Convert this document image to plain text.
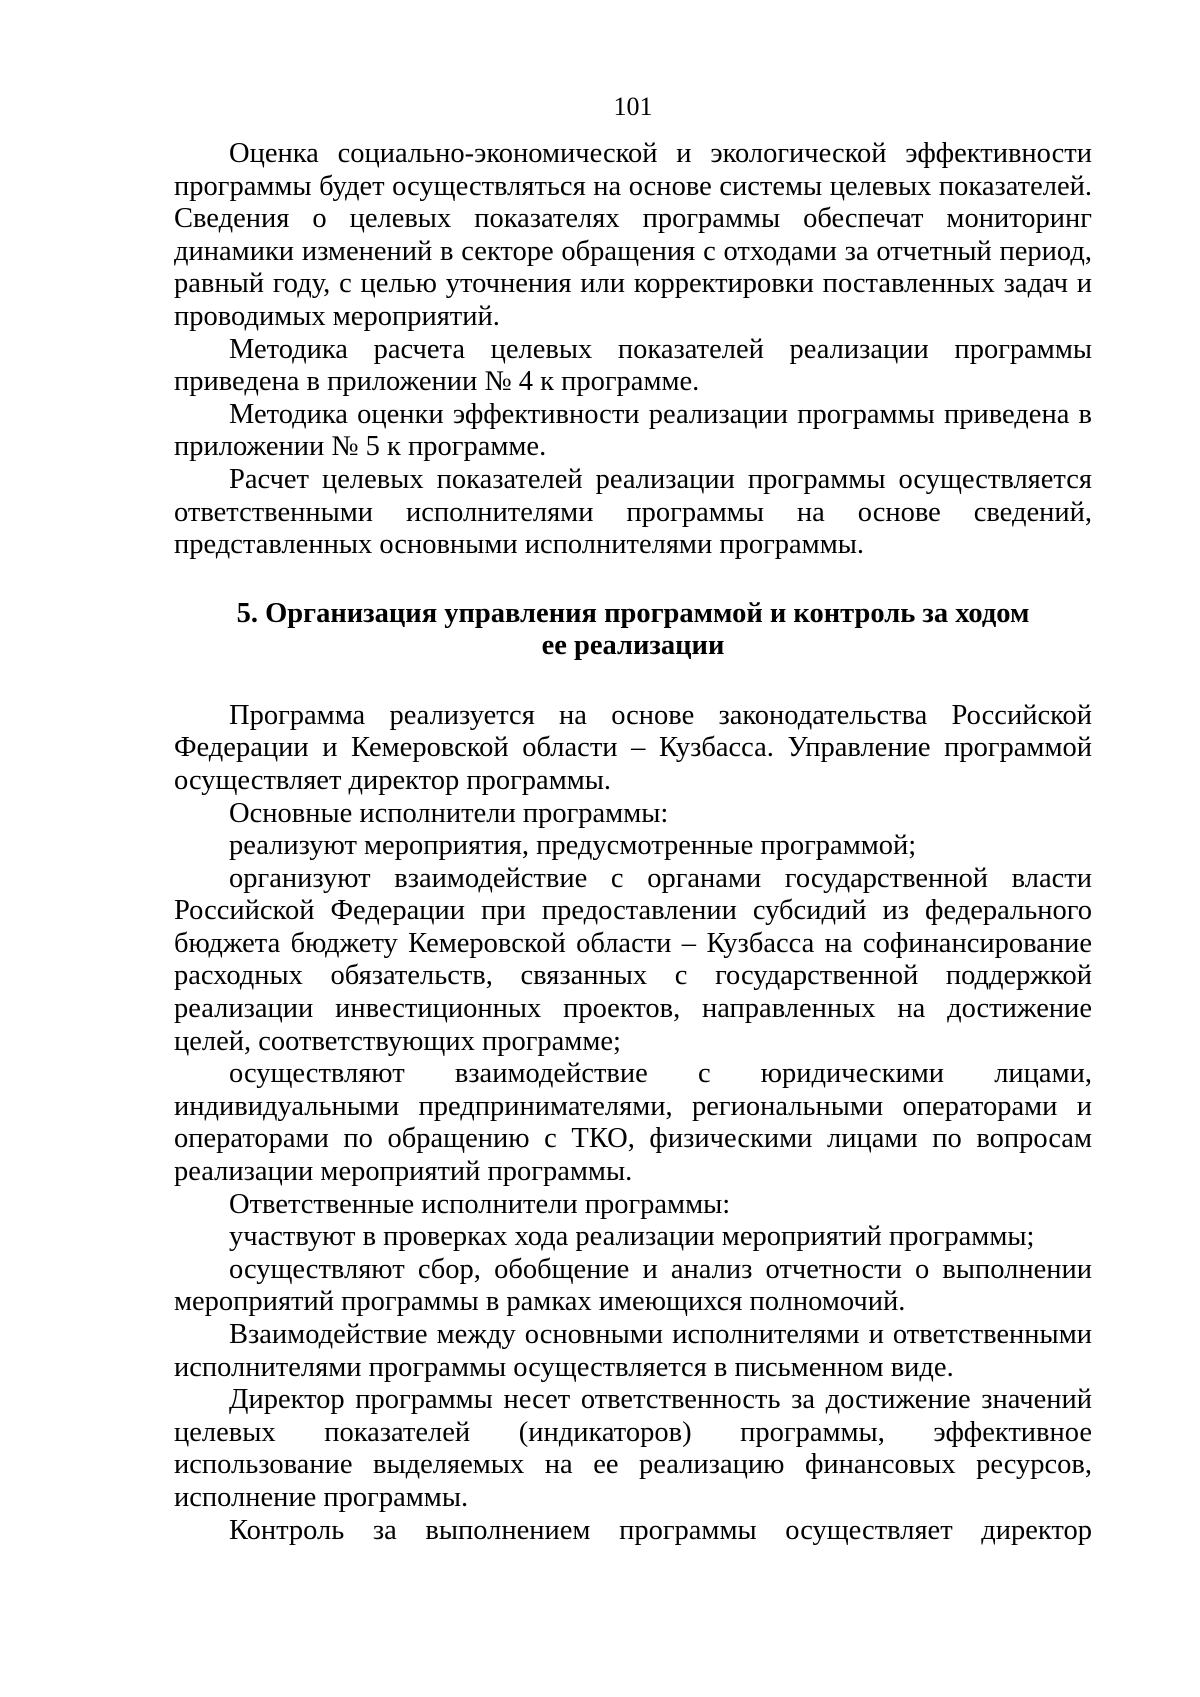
101

Оценка социально-экономической и экологической эффективности программы будет осуществляться на основе системы целевых показателей. Сведения о целевых показателях программы обеспечат мониторинг динамики изменений в секторе обращения с отходами за отчетный период, равный году, с целью уточнения или корректировки поставленных задач и проводимых мероприятий.

Методика расчета целевых показателей реализации программы приведена в приложении № 4 к программе.

Методика оценки эффективности реализации программы приведена в приложении № 5 к программе.

Расчет целевых показателей реализации программы осуществляется ответственными исполнителями программы на основе сведений, представленных основными исполнителями программы.

5. Организация управления программой и контроль за ходом
ее реализации

Программа реализуется на основе законодательства Российской Федерации и Кемеровской области – Кузбасса. Управление программой осуществляет директор программы.

Основные исполнители программы:

реализуют мероприятия, предусмотренные программой;

организуют взаимодействие с органами государственной власти Российской Федерации при предоставлении субсидий из федерального бюджета бюджету Кемеровской области – Кузбасса на софинансирование расходных обязательств, связанных с государственной поддержкой реализации инвестиционных проектов, направленных на достижение целей, соответствующих программе;

осуществляют взаимодействие с юридическими лицами, индивидуальными предпринимателями, региональными операторами и операторами по обращению с ТКО, физическими лицами по вопросам реализации мероприятий программы.

Ответственные исполнители программы:

участвуют в проверках хода реализации мероприятий программы;

осуществляют сбор, обобщение и анализ отчетности о выполнении мероприятий программы в рамках имеющихся полномочий.

Взаимодействие между основными исполнителями и ответственными исполнителями программы осуществляется в письменном виде.

Директор программы несет ответственность за достижение значений целевых показателей (индикаторов) программы, эффективное использование выделяемых на ее реализацию финансовых ресурсов, исполнение программы.

Контроль за выполнением программы осуществляет директор
